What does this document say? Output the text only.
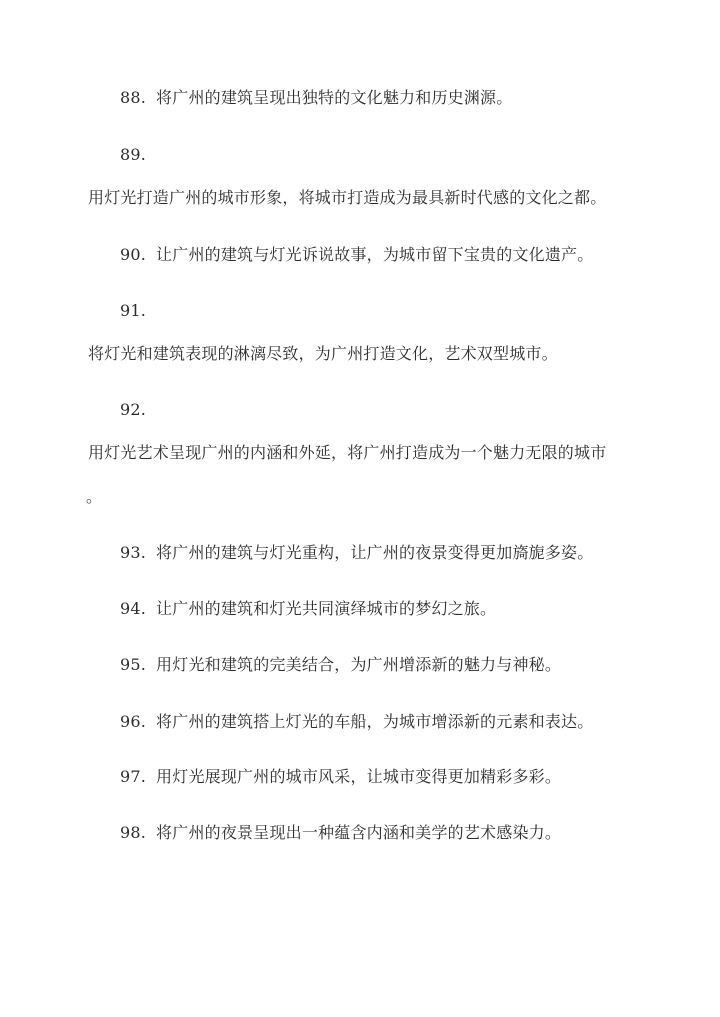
88. 将广州的建筑呈现出独特的文化魅力和历史渊源。
89.
用灯光打造广州的城市形象，将城市打造成为最具新时代感的文化之都。
90. 让广州的建筑与灯光诉说故事，为城市留下宝贵的文化遗产。
91.
将灯光和建筑表现的淋漓尽致，为广州打造文化，艺术双型城市。
92.
用灯光艺术呈现广州的内涵和外延，将广州打造成为一个魅力无限的城市
。
93. 将广州的建筑与灯光重构，让广州的夜景变得更加旖旎多姿。
94. 让广州的建筑和灯光共同演绎城市的梦幻之旅。
95. 用灯光和建筑的完美结合，为广州增添新的魅力与神秘。
96. 将广州的建筑搭上灯光的车船，为城市增添新的元素和表达。
97. 用灯光展现广州的城市风采，让城市变得更加精彩多彩。
98. 将广州的夜景呈现出一种蕴含内涵和美学的艺术感染力。
